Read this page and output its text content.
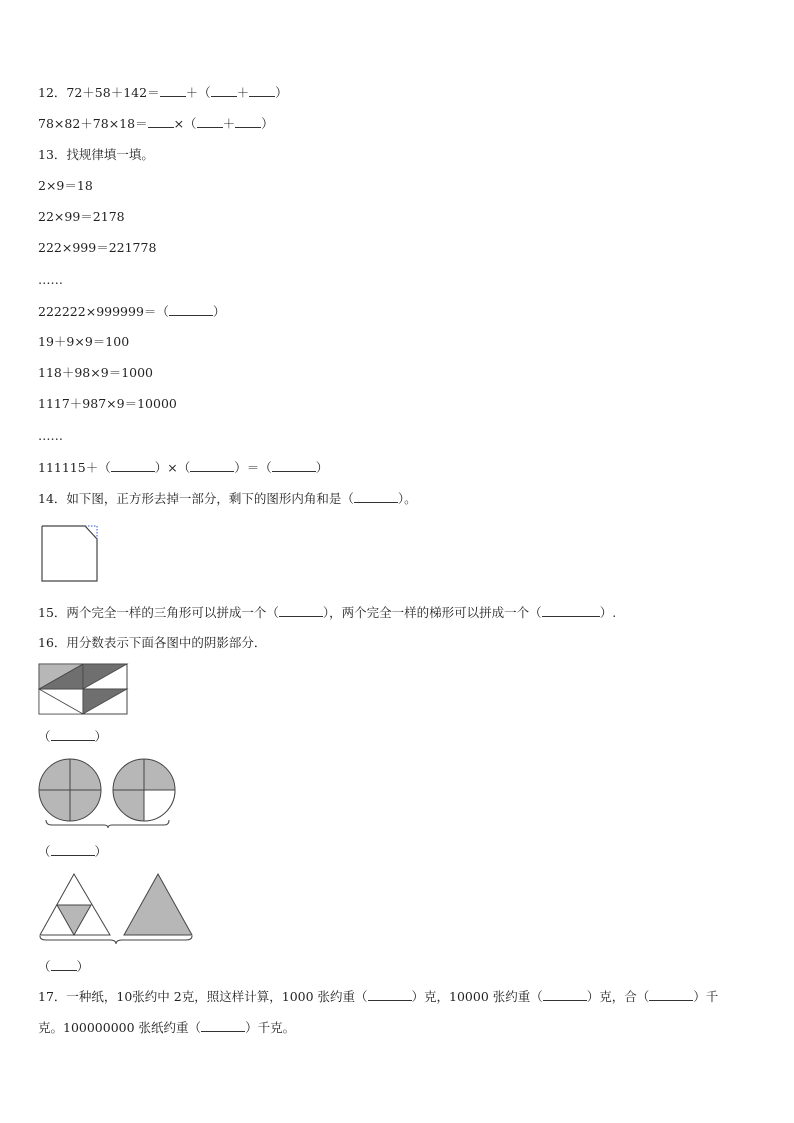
12．72＋58＋142＝ ＋（ ＋ ）
78×82＋78×18＝ ×（ ＋ ）
13．找规律填一填。
2×9＝18
22×99＝2178
222×999＝221778
……
222222×999999＝（	）
19＋9×9＝100
118＋98×9＝1000
1117＋987×9＝10000
……
111115＋（	）×（	）＝（	）
14．如下图，正方形去掉一部分，剩下的图形内角和是（	）。
15．两个完全一样的三角形可以拼成一个（	），两个完全一样的梯形可以拼成一个（	）.
16．用分数表示下面各图中的阴影部分．
（	）
（	）
（ ）
17．一种纸，10张约中 2克，照这样计算，1000 张约重（	）克，10000 张约重（	）克，合（	）千
克。100000000 张纸约重（	）千克。
